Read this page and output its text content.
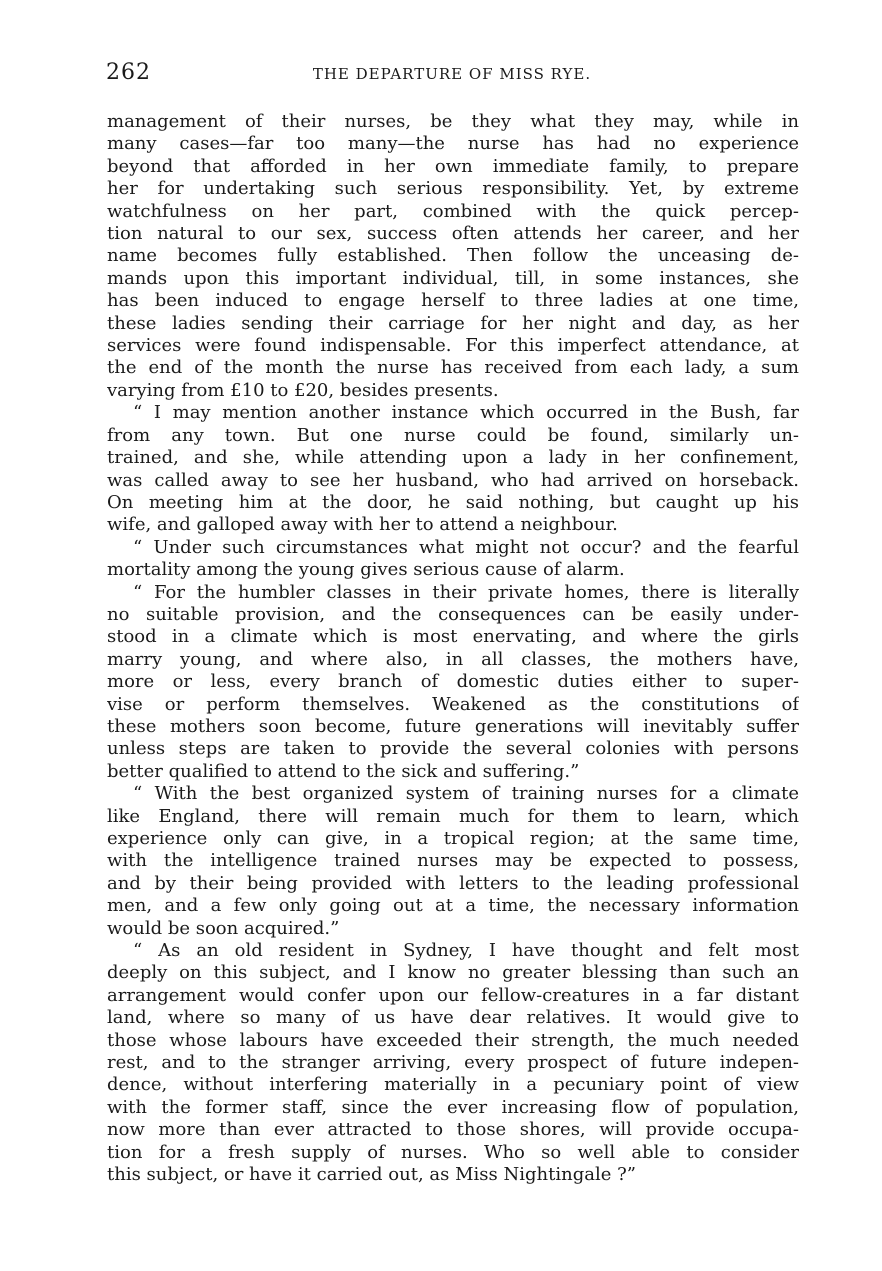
262	THE DEPARTURE OF MISS RYE.
management of their nurses, be they what they may, while in
many cases—far too many—the nurse has had no experience
beyond that afforded in her own immediate family, to prepare
her for undertaking such serious responsibility. Yet, by extreme
watchfulness on her part, combined with the quick percep-
tion natural to our sex, success often attends her career, and her
name becomes fully established. Then follow the unceasing de-
mands upon this important individual, till, in some instances, she
has been induced to engage herself to three ladies at one time,
these ladies sending their carriage for her night and day, as her
services were found indispensable. For this imperfect attendance, at
the end of the month the nurse has received from each lady, a sum
varying from £10 to £20, besides presents.
“ I may mention another instance which occurred in the Bush, far
from any town. But one nurse could be found, similarly un-
trained, and she, while attending upon a lady in her confinement,
was called away to see her husband, who had arrived on horseback.
On meeting him at the door, he said nothing, but caught up his
wife, and galloped away with her to attend a neighbour.
“ Under such circumstances what might not occur? and the fearful
mortality among the young gives serious cause of alarm.
“ For the humbler classes in their private homes, there is literally
no suitable provision, and the consequences can be easily under-
stood in a climate which is most enervating, and where the girls
marry young, and where also, in all classes, the mothers have,
more or less, every branch of domestic duties either to super-
vise or perform themselves. Weakened as the constitutions of
these mothers soon become, future generations will inevitably suffer
unless steps are taken to provide the several colonies with persons
better qualified to attend to the sick and suffering.”
“ With the best organized system of training nurses for a climate
like England, there will remain much for them to learn, which
experience only can give, in a tropical region; at the same time,
with the intelligence trained nurses may be expected to possess,
and by their being provided with letters to the leading professional
men, and a few only going out at a time, the necessary information
would be soon acquired.”
“ As an old resident in Sydney, I have thought and felt most
deeply on this subject, and I know no greater blessing than such an
arrangement would confer upon our fellow-creatures in a far distant
land, where so many of us have dear relatives. It would give to
those whose labours have exceeded their strength, the much needed
rest, and to the stranger arriving, every prospect of future indepen-
dence, without interfering materially in a pecuniary point of view
with the former staff, since the ever increasing flow of population,
now more than ever attracted to those shores, will provide occupa-
tion for a fresh supply of nurses. Who so well able to consider
this subject, or have it carried out, as Miss Nightingale ?”
